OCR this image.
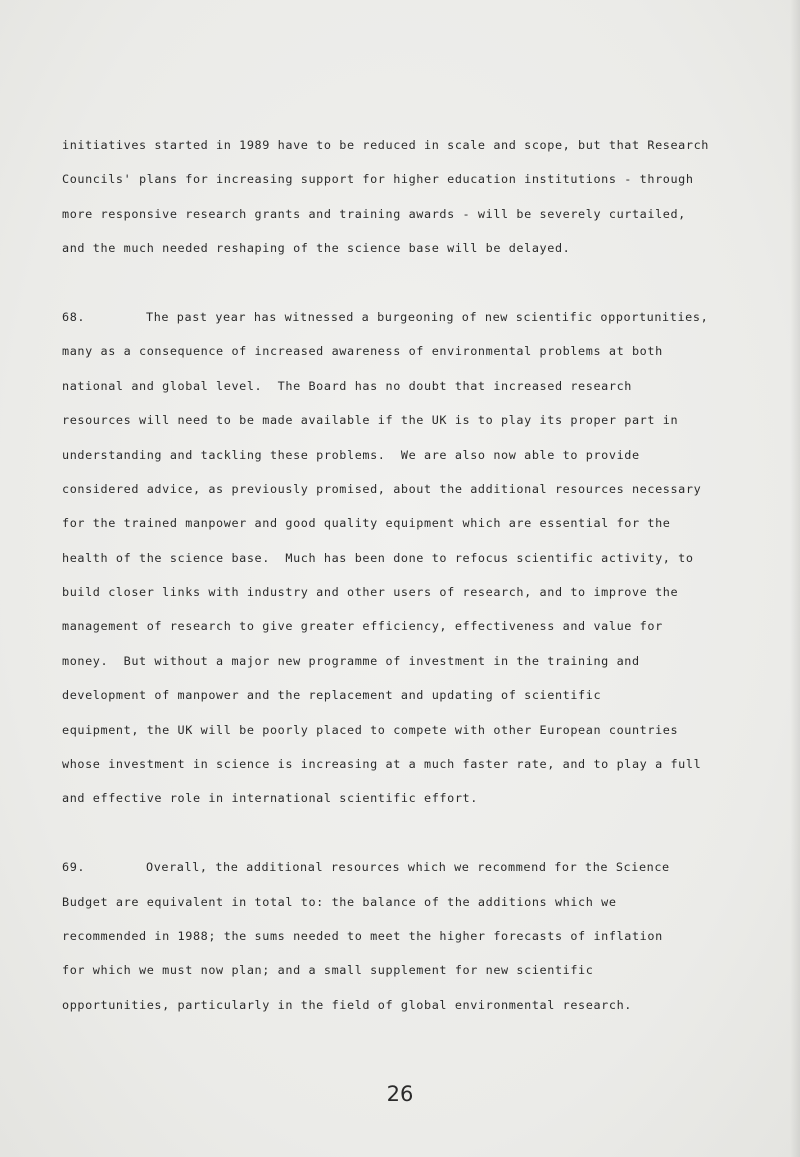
initiatives started in 1989 have to be reduced in scale and scope, but that Research
Councils' plans for increasing support for higher education institutions - through
more responsive research grants and training awards - will be severely curtailed,
and the much needed reshaping of the science base will be delayed.
68.	The past year has witnessed a burgeoning of new scientific opportunities,
many as a consequence of increased awareness of environmental problems at both
national and global level.  The Board has no doubt that increased research
resources will need to be made available if the UK is to play its proper part in
understanding and tackling these problems.  We are also now able to provide
considered advice, as previously promised, about the additional resources necessary
for the trained manpower and good quality equipment which are essential for the
health of the science base.  Much has been done to refocus scientific activity, to
build closer links with industry and other users of research, and to improve the
management of research to give greater efficiency, effectiveness and value for
money.  But without a major new programme of investment in the training and
development of manpower and the replacement and updating of scientific
equipment, the UK will be poorly placed to compete with other European countries
whose investment in science is increasing at a much faster rate, and to play a full
and effective role in international scientific effort.
69.	Overall, the additional resources which we recommend for the Science
Budget are equivalent in total to: the balance of the additions which we
recommended in 1988; the sums needed to meet the higher forecasts of inflation
for which we must now plan; and a small supplement for new scientific
opportunities, particularly in the field of global environmental research.
26
